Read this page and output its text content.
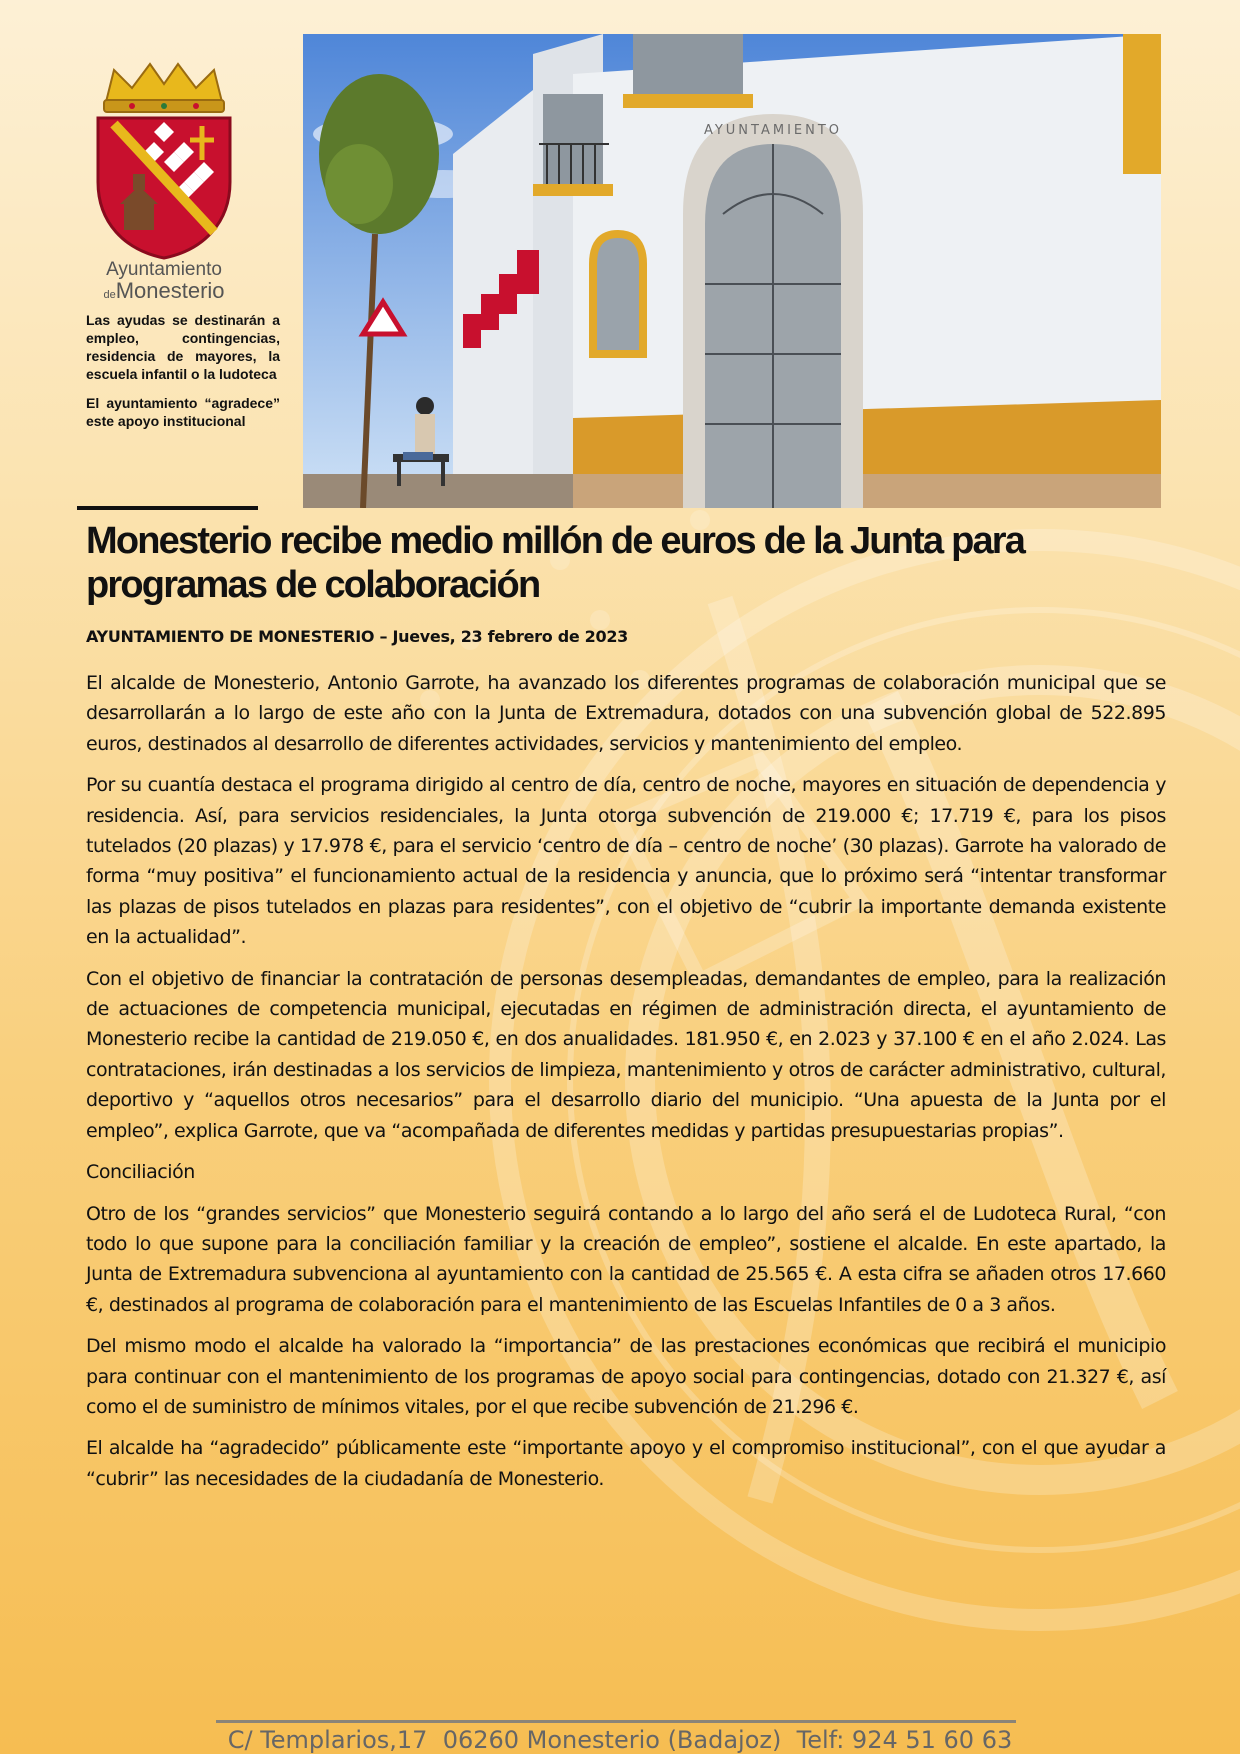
Ayuntamiento
deMonesterio

Las ayudas se destinarán a empleo, contingencias, residencia de mayores, la escuela infantil o la ludoteca

El ayuntamiento “agradece” este apoyo institucional

AYUNTAMIENTO
Monesterio recibe medio millón de euros de la Junta para programas de colaboración

AYUNTAMIENTO DE MONESTERIO – Jueves, 23 febrero de 2023

El alcalde de Monesterio, Antonio Garrote, ha avanzado los diferentes programas de colaboración municipal que se desarrollarán a lo largo de este año con la Junta de Extremadura, dotados con una subvención global de 522.895 euros, destinados al desarrollo de diferentes actividades, servicios y mantenimiento del empleo.

Por su cuantía destaca el programa dirigido al centro de día, centro de noche, mayores en situación de dependencia y residencia. Así, para servicios residenciales, la Junta otorga subvención de 219.000 €; 17.719 €, para los pisos tutelados (20 plazas) y 17.978 €, para el servicio ‘centro de día – centro de noche’ (30 plazas). Garrote ha valorado de forma “muy positiva” el funcionamiento actual de la residencia y anuncia, que lo próximo será “intentar transformar las plazas de pisos tutelados en plazas para residentes”, con el objetivo de “cubrir la importante demanda existente en la actualidad”.

Con el objetivo de financiar la contratación de personas desempleadas, demandantes de empleo, para la realización de actuaciones de competencia municipal, ejecutadas en régimen de administración directa, el ayuntamiento de Monesterio recibe la cantidad de 219.050 €, en dos anualidades. 181.950 €, en 2.023 y 37.100 € en el año 2.024. Las contrataciones, irán destinadas a los servicios de limpieza, mantenimiento y otros de carácter administrativo, cultural, deportivo y “aquellos otros necesarios” para el desarrollo diario del municipio. “Una apuesta de la Junta por el empleo”, explica Garrote, que va “acompañada de diferentes medidas y partidas presupuestarias propias”.

Conciliación

Otro de los “grandes servicios” que Monesterio seguirá contando a lo largo del año será el de Ludoteca Rural, “con todo lo que supone para la conciliación familiar y la creación de empleo”, sostiene el alcalde. En este apartado, la Junta de Extremadura subvenciona al ayuntamiento con la cantidad de 25.565 €. A esta cifra se añaden otros 17.660 €, destinados al programa de colaboración para el mantenimiento de las Escuelas Infantiles de 0 a 3 años.

Del mismo modo el alcalde ha valorado la “importancia” de las prestaciones económicas que recibirá el municipio para continuar con el mantenimiento de los programas de apoyo social para contingencias, dotado con 21.327 €, así como el de suministro de mínimos vitales, por el que recibe subvención de 21.296 €.

El alcalde ha “agradecido” públicamente este “importante apoyo y el compromiso institucional”, con el que ayudar a “cubrir” las necesidades de la ciudadanía de Monesterio.

C/ Templarios,17  06260 Monesterio (Badajoz)  Telf: 924 51 60 63
